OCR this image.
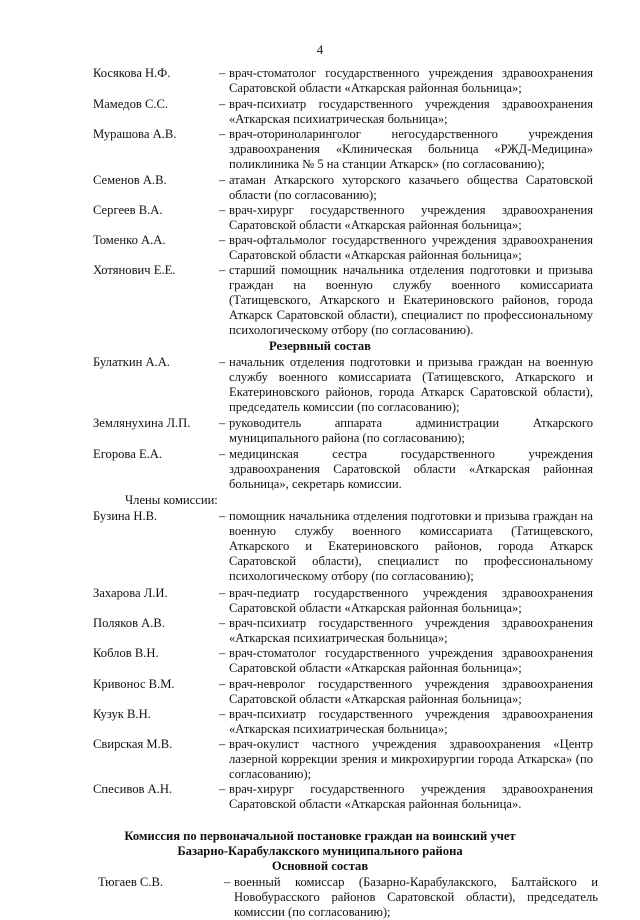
4
Косякова Н.Ф.	– врач-стоматолог государственного учреждения здравоохранения Саратовской области «Аткарская районная больница»;
Мамедов С.С.	– врач-психиатр государственного учреждения здравоохранения «Аткарская психиатрическая больница»;
Мурашова А.В.	– врач-оториноларинголог негосударственного учреждения здравоохранения «Клиническая больница «РЖД-Медицина» поликлиника № 5 на станции Аткарск» (по согласованию);
Семенов А.В.	– атаман Аткарского хуторского казачьего общества Саратовской области (по согласованию);
Сергеев В.А.	– врач-хирург государственного учреждения здравоохранения Саратовской области «Аткарская районная больница»;
Томенко А.А.	– врач-офтальмолог государственного учреждения здравоохранения Саратовской области «Аткарская районная больница»;
Хотянович Е.Е.	– старший помощник начальника отделения подготовки и призыва граждан на военную службу военного комиссариата (Татищевского, Аткарского и Екатериновского районов, города Аткарск Саратовской области), специалист по профессиональному психологическому отбору (по согласованию).
Резервный состав
Булаткин А.А.	– начальник отделения подготовки и призыва граждан на военную службу военного комиссариата (Татищевского, Аткарского и Екатериновского районов, города Аткарск Саратовской области), председатель комиссии (по согласованию);
Землянухина Л.П. – руководитель аппарата администрации Аткарского муниципального района (по согласованию);
Егорова Е.А.	– медицинская сестра государственного учреждения здравоохранения Саратовской области «Аткарская районная больница», секретарь комиссии.
Члены комиссии:
Бузина Н.В.	– помощник начальника отделения подготовки и призыва граждан на военную службу военного комиссариата (Татищевского, Аткарского и Екатериновского районов, города Аткарск Саратовской области), специалист по профессиональному психологическому отбору (по согласованию);
Захарова Л.И.	– врач-педиатр государственного учреждения здравоохранения Саратовской области «Аткарская районная больница»;
Поляков А.В.	– врач-психиатр государственного учреждения здравоохранения «Аткарская психиатрическая больница»;
Коблов В.Н.	– врач-стоматолог государственного учреждения здравоохранения Саратовской области «Аткарская районная больница»;
Кривонос В.М.	– врач-невролог государственного учреждения здравоохранения Саратовской области «Аткарская районная больница»;
Кузук В.Н.	– врач-психиатр государственного учреждения здравоохранения «Аткарская психиатрическая больница»;
Свирская М.В.	– врач-окулист частного учреждения здравоохранения «Центр лазерной коррекции зрения и микрохирургии города Аткарска» (по согласованию);
Спесивов А.Н.	– врач-хирург государственного учреждения здравоохранения Саратовской области «Аткарская районная больница».
Комиссия по первоначальной постановке граждан на воинский учет
Базарно-Карабулакского муниципального района
Основной состав
Тюгаев С.В.	– военный комиссар (Базарно-Карабулакского, Балтайского и Новобурасского районов Саратовской области), председатель комиссии (по согласованию);
